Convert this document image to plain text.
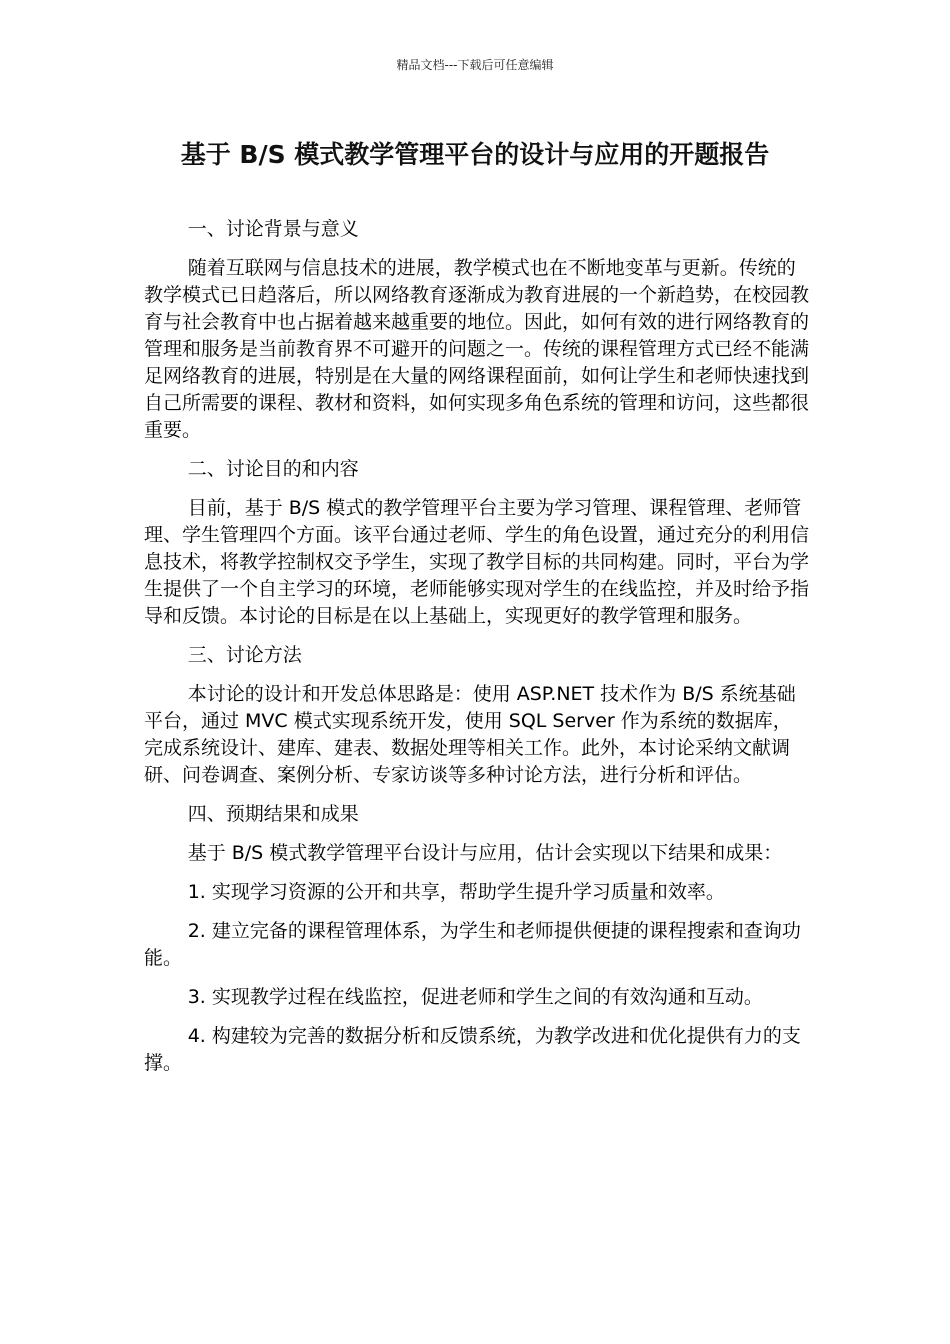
精品文档---下载后可任意编辑
基于 B/S 模式教学管理平台的设计与应用的开题报告

一、讨论背景与意义

随着互联网与信息技术的进展，教学模式也在不断地变革与更新。传统的教学模式已日趋落后，所以网络教育逐渐成为教育进展的一个新趋势，在校园教育与社会教育中也占据着越来越重要的地位。因此，如何有效的进行网络教育的管理和服务是当前教育界不可避开的问题之一。传统的课程管理方式已经不能满足网络教育的进展，特别是在大量的网络课程面前，如何让学生和老师快速找到自己所需要的课程、教材和资料，如何实现多角色系统的管理和访问，这些都很重要。

二、讨论目的和内容

目前，基于 B/S 模式的教学管理平台主要为学习管理、课程管理、老师管理、学生管理四个方面。该平台通过老师、学生的角色设置，通过充分的利用信息技术，将教学控制权交予学生，实现了教学目标的共同构建。同时，平台为学生提供了一个自主学习的环境，老师能够实现对学生的在线监控，并及时给予指导和反馈。本讨论的目标是在以上基础上，实现更好的教学管理和服务。

三、讨论方法

本讨论的设计和开发总体思路是：使用 ASP.NET 技术作为 B/S 系统基础平台，通过 MVC 模式实现系统开发，使用 SQL Server 作为系统的数据库，完成系统设计、建库、建表、数据处理等相关工作。此外，本讨论采纳文献调研、问卷调查、案例分析、专家访谈等多种讨论方法，进行分析和评估。

四、预期结果和成果

基于 B/S 模式教学管理平台设计与应用，估计会实现以下结果和成果：

1. 实现学习资源的公开和共享，帮助学生提升学习质量和效率。

2. 建立完备的课程管理体系，为学生和老师提供便捷的课程搜索和查询功能。

3. 实现教学过程在线监控，促进老师和学生之间的有效沟通和互动。

4. 构建较为完善的数据分析和反馈系统，为教学改进和优化提供有力的支撑。
